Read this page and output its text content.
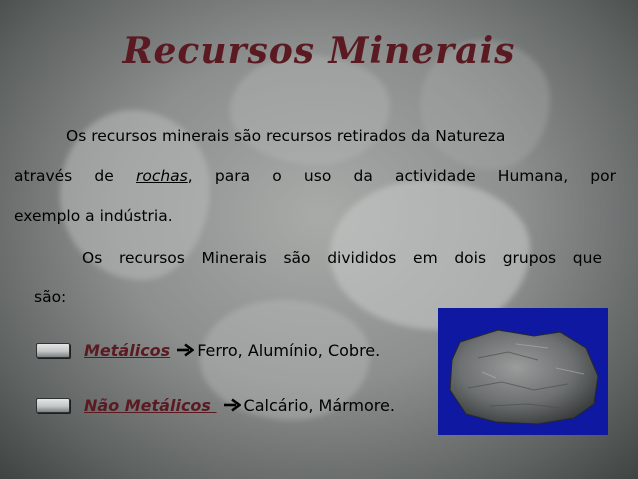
Recursos Minerais
Os recursos minerais são recursos retirados da Natureza
através de rochas, para o uso da actividade Humana, por
exemplo a indústria.
Os recursos Minerais são divididos em dois grupos que
são:
Metálicos Ferro, Alumínio, Cobre.
Não Metálicos Calcário, Mármore.
